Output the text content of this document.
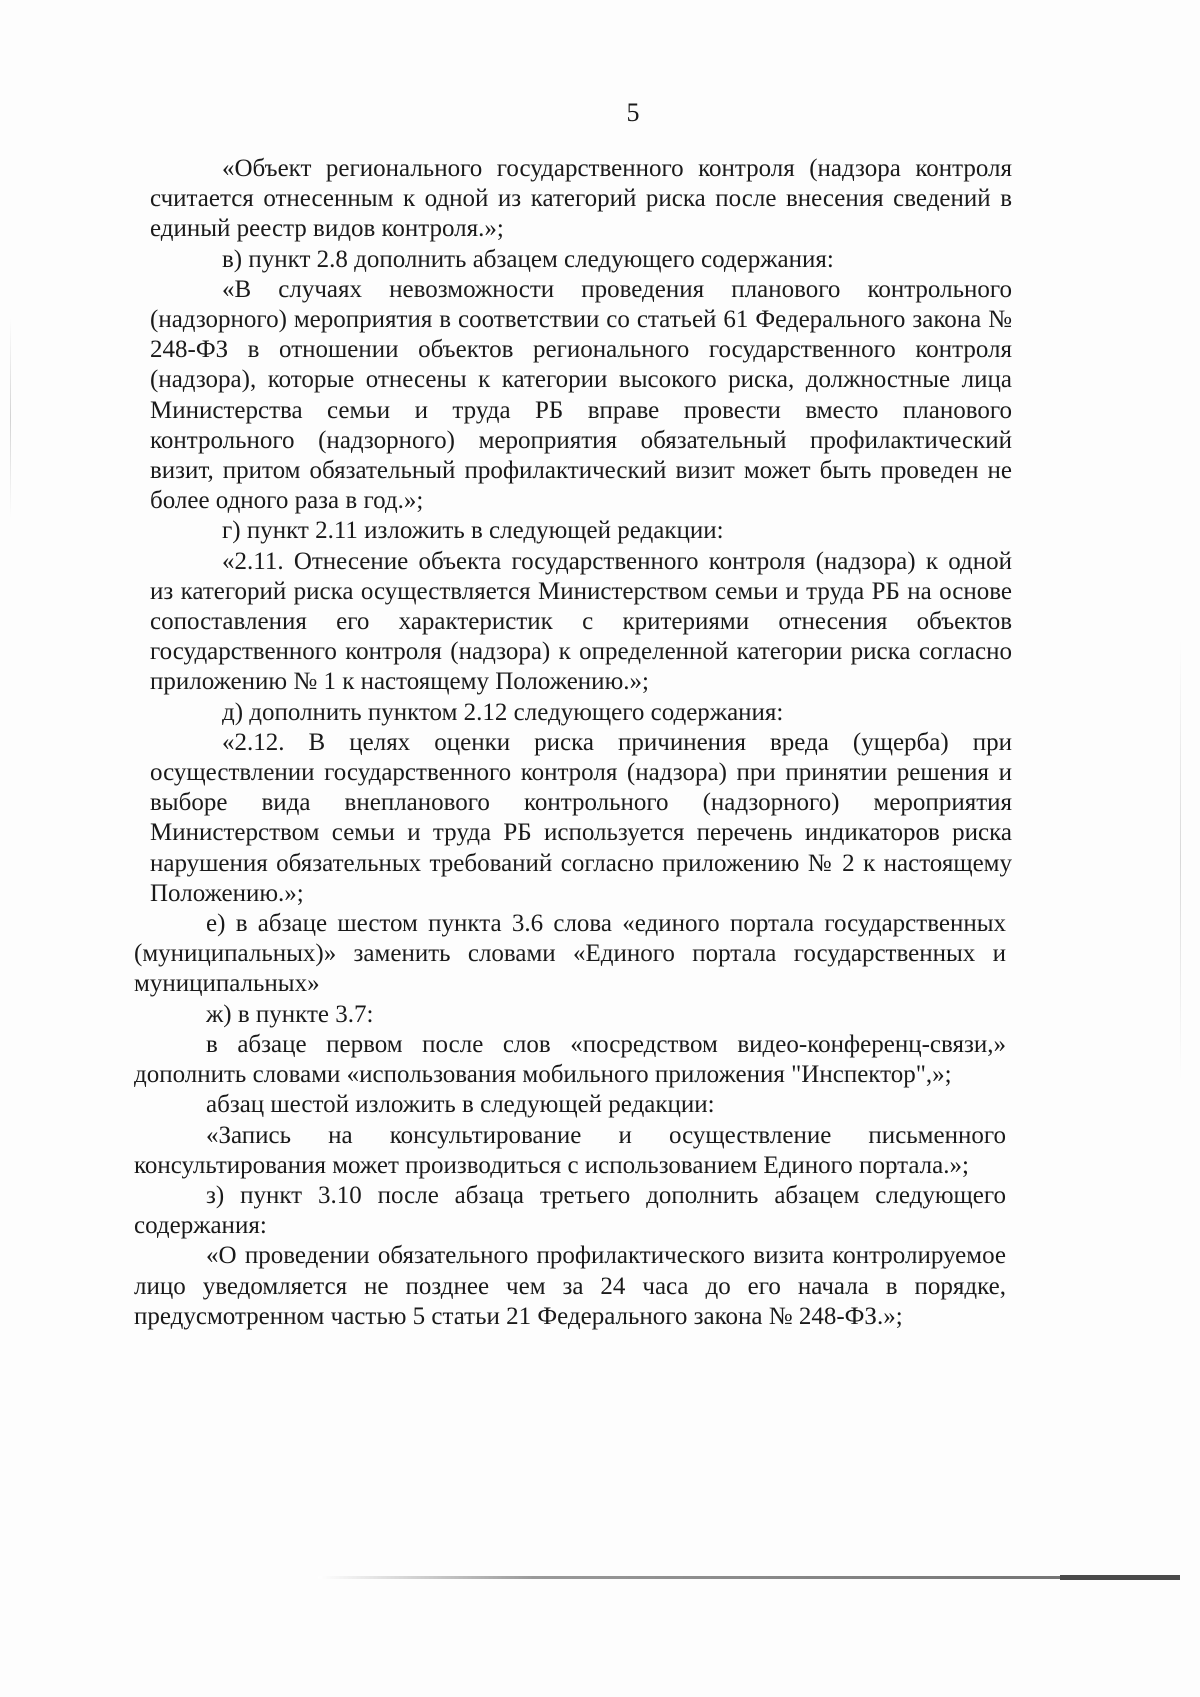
5

«Объект регионального государственного контроля (надзора контроля считается отнесенным к одной из категорий риска после внесения сведений в единый реестр видов контроля.»;

в) пункт 2.8 дополнить абзацем следующего содержания:

«В случаях невозможности проведения планового контрольного (надзорного) мероприятия в соответствии со статьей 61 Федерального закона № 248-ФЗ в отношении объектов регионального государственного контроля (надзора), которые отнесены к категории высокого риска, должностные лица Министерства семьи и труда РБ вправе провести вместо планового контрольного (надзорного) мероприятия обязательный профилактический визит, притом обязательный профилактический визит может быть проведен не более одного раза в год.»;

г) пункт 2.11 изложить в следующей редакции:

«2.11. Отнесение объекта государственного контроля (надзора) к одной из категорий риска осуществляется Министерством семьи и труда РБ на основе сопоставления его характеристик с критериями отнесения объектов государственного контроля (надзора) к определенной категории риска согласно приложению № 1 к настоящему Положению.»;

д) дополнить пунктом 2.12 следующего содержания:

«2.12. В целях оценки риска причинения вреда (ущерба) при осуществлении государственного контроля (надзора) при принятии решения и выборе вида внепланового контрольного (надзорного) мероприятия Министерством семьи и труда РБ используется перечень индикаторов риска нарушения обязательных требований согласно приложению № 2 к настоящему Положению.»;

е) в абзаце шестом пункта 3.6 слова «единого портала государственных (муниципальных)» заменить словами «Единого портала государственных и муниципальных»

ж) в пункте 3.7:

в абзаце первом после слов «посредством видео-конференц-связи,» дополнить словами «использования мобильного приложения "Инспектор",»;

абзац шестой изложить в следующей редакции:

«Запись на консультирование и осуществление письменного консультирования может производиться с использованием Единого портала.»;

з) пункт 3.10 после абзаца третьего дополнить абзацем следующего содержания:

«О проведении обязательного профилактического визита контролируемое лицо уведомляется не позднее чем за 24 часа до его начала в порядке, предусмотренном частью 5 статьи 21 Федерального закона № 248-ФЗ.»;
